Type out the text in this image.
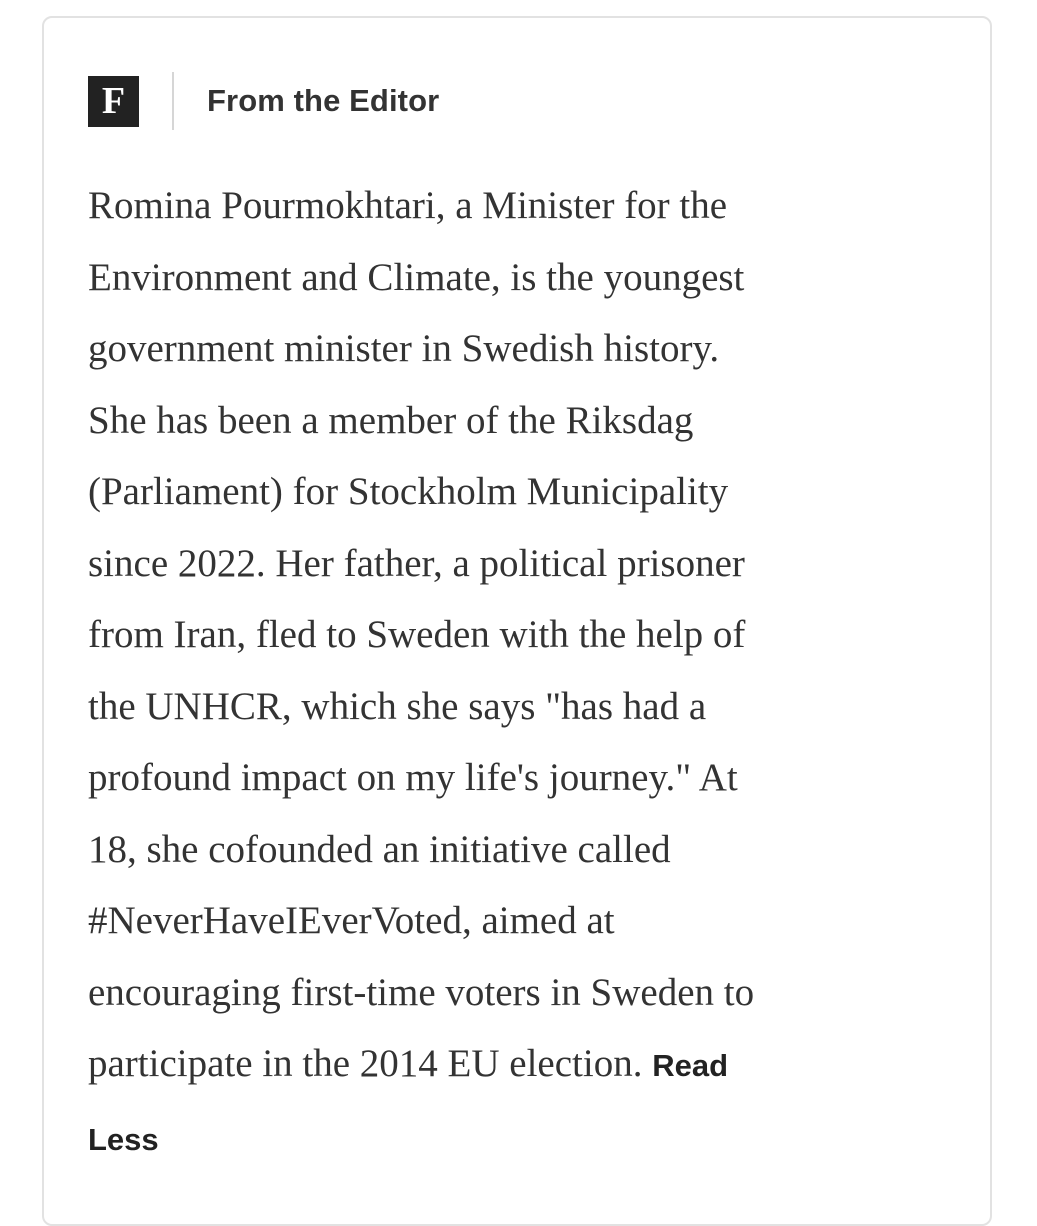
F	From the Editor

Romina Pourmokhtari, a Minister for the
Environment and Climate, is the youngest
government minister in Swedish history.
She has been a member of the Riksdag
(Parliament) for Stockholm Municipality
since 2022. Her father, a political prisoner
from Iran, fled to Sweden with the help of
the UNHCR, which she says "has had a
profound impact on my life's journey." At
18, she cofounded an initiative called
#NeverHaveIEverVoted, aimed at
encouraging first-time voters in Sweden to
participate in the 2014 EU election. Read
Less
